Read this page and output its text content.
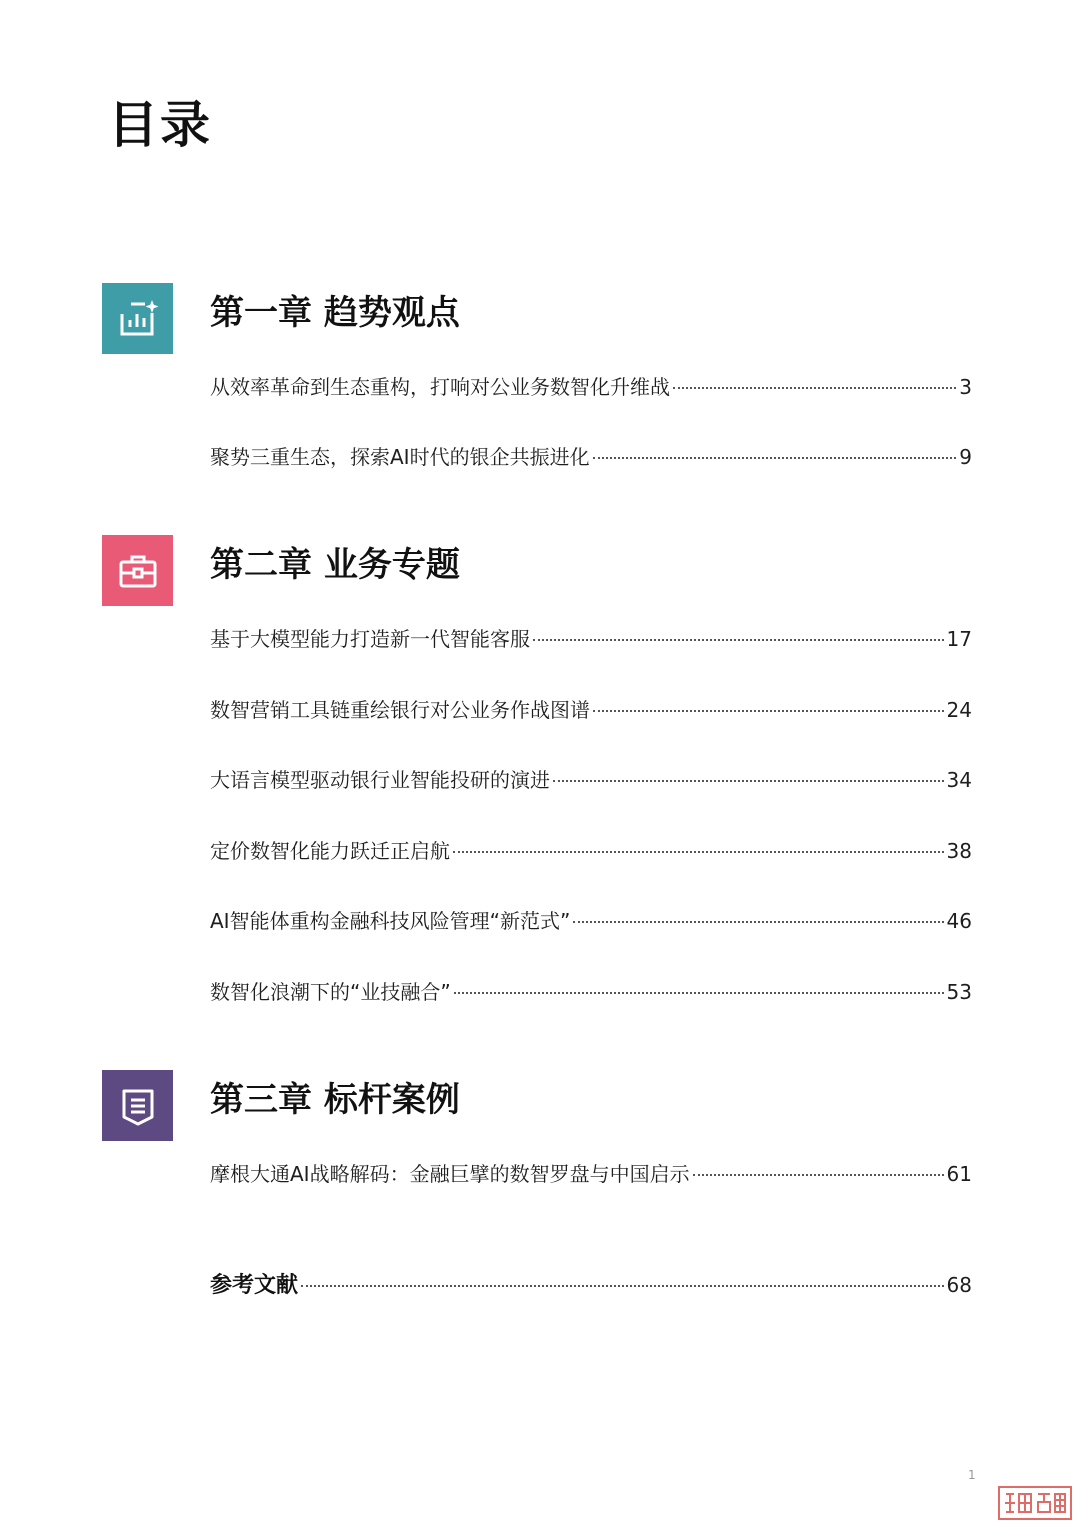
目录
第一章 趋势观点
从效率革命到生态重构，打响对公业务数智化升维战	3
聚势三重生态，探索AI时代的银企共振进化	9
第二章 业务专题
基于大模型能力打造新一代智能客服	17
数智营销工具链重绘银行对公业务作战图谱	24
大语言模型驱动银行业智能投研的演进	34
定价数智化能力跃迁正启航	38
AI智能体重构金融科技风险管理“新范式”	46
数智化浪潮下的“业技融合”	53
第三章 标杆案例
摩根大通AI战略解码：金融巨擘的数智罗盘与中国启示	61
参考文献	68
1
